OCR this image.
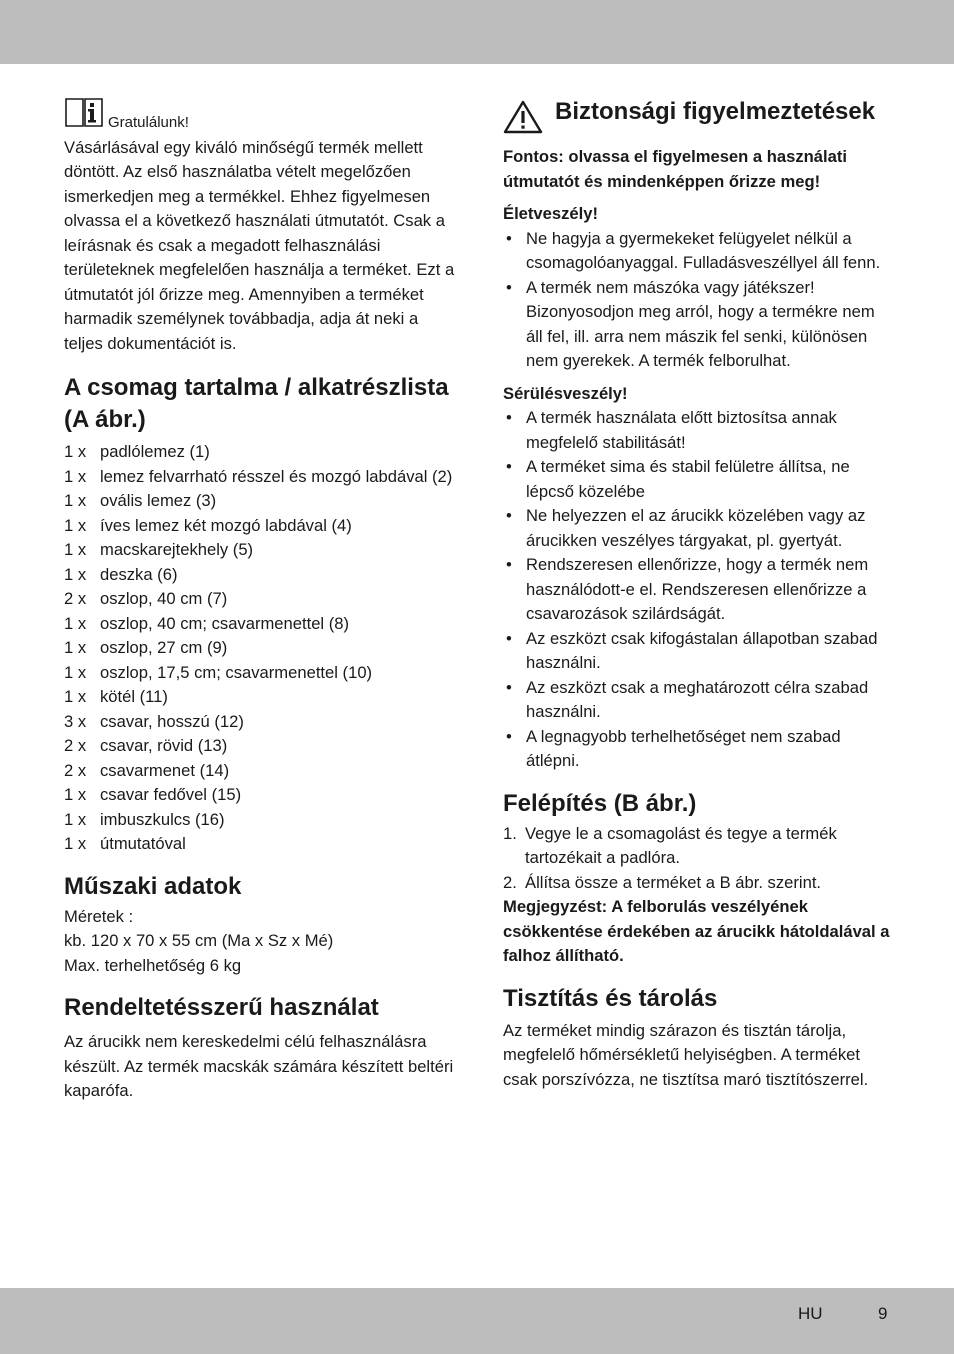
Gratulálunk!

Vásárlásával egy kiváló minőségű termék mellett döntött. Az első használatba vételt megelőzően ismerkedjen meg a termékkel. Ehhez figyelmesen olvassa el a következő használati útmutatót. Csak a leírásnak és csak a megadott felhasználási területeknek megfelelően használja a terméket. Ezt a útmutatót jól őrizze meg. Amennyiben a terméket harmadik személynek továbbadja, adja át neki a teljes dokumentációt is.

A csomag tartalma / alkatrészlista (A ábr.)
1 x padlólemez (1)
1 x lemez felvarrható résszel és mozgó labdával (2)
1 x ovális lemez (3)
1 x íves lemez két mozgó labdával (4)
1 x macskarejtekhely (5)
1 x deszka (6)
2 x oszlop, 40 cm (7)
1 x oszlop, 40 cm; csavarmenettel (8)
1 x oszlop, 27 cm (9)
1 x oszlop, 17,5 cm; csavarmenettel (10)
1 x kötél (11)
3 x csavar, hosszú (12)
2 x csavar, rövid (13)
2 x csavarmenet (14)
1 x csavar fedővel (15)
1 x imbuszkulcs (16)
1 x útmutatóval
Műszaki adatok

Méretek :

kb. 120 x 70 x 55 cm (Ma x Sz x Mé)

Max. terhelhetőség 6 kg

Rendeltetésszerű használat

Az árucikk nem kereskedelmi célú felhasználásra készült. Az termék macskák számára készített beltéri kaparófa.

Biztonsági figyelmeztetések

Fontos: olvassa el figyelmesen a használati útmutatót és mindenképpen őrizze meg!

Életveszély!

• Ne hagyja a gyermekeket felügyelet nélkül a csomagolóanyaggal. Fulladásveszéllyel áll fenn.
• A termék nem mászóka vagy játékszer! Bizonyosodjon meg arról, hogy a termékre nem áll fel, ill. arra nem mászik fel senki, különösen nem gyerekek. A termék felborulhat.

Sérülésveszély!

• A termék használata előtt biztosítsa annak megfelelő stabilitását!
• A terméket sima és stabil felületre állítsa, ne lépcső közelébe
• Ne helyezzen el az árucikk közelében vagy az árucikken veszélyes tárgyakat, pl. gyertyát.
• Rendszeresen ellenőrizze, hogy a termék nem használódott-e el. Rendszeresen ellenőrizze a csavarozások szilárdságát.
• Az eszközt csak kifogástalan állapotban szabad használni.
• Az eszközt csak a meghatározott célra szabad használni.
• A legnagyobb terhelhetőséget nem szabad átlépni.
Felépítés (B ábr.)
1. Vegye le a csomagolást és tegye a termék tartozékait a padlóra.
2. Állítsa össze a terméket a B ábr. szerint.

Megjegyzést: A felborulás veszélyének csökkentése érdekében az árucikk hátoldalával a falhoz állítható.

Tisztítás és tárolás

Az terméket mindig szárazon és tisztán tárolja, megfelelő hőmérsékletű helyiségben. A terméket csak porszívózza, ne tisztítsa maró tisztítószerrel.

HU	9
